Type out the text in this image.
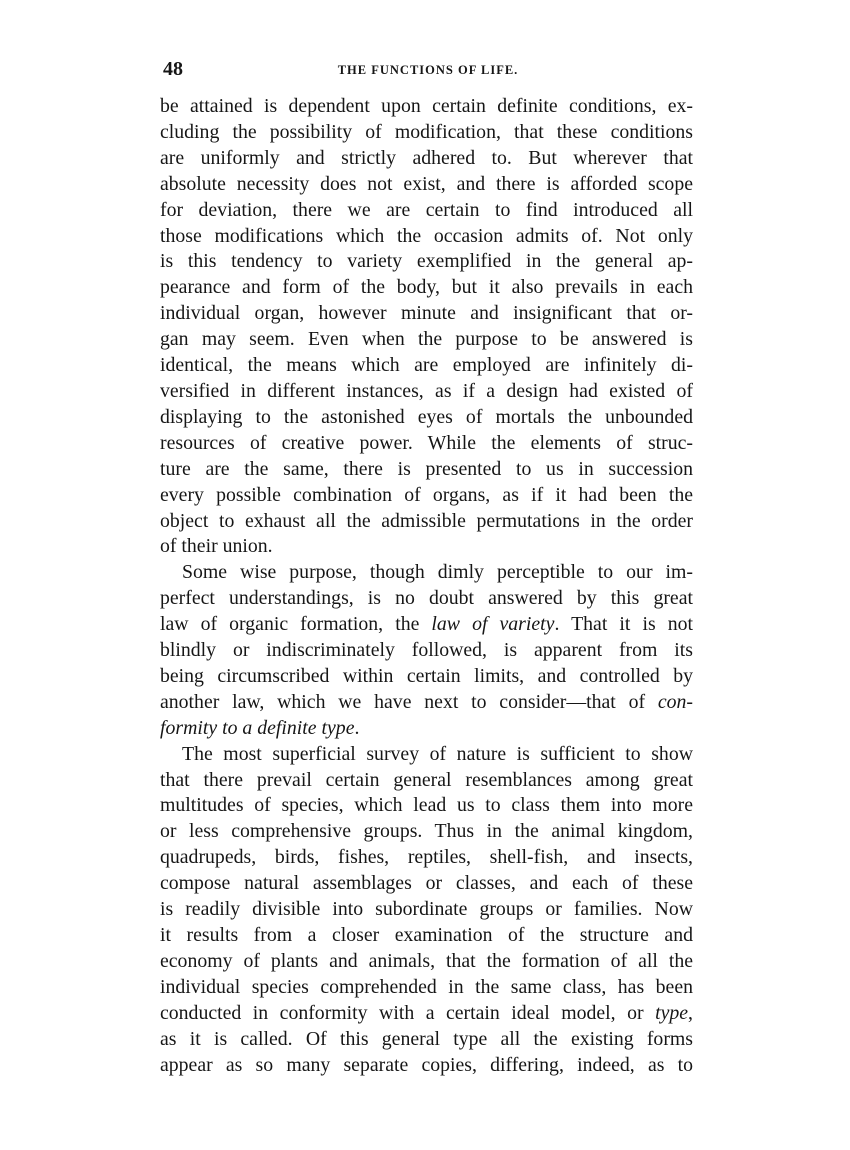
48	THE FUNCTIONS OF LIFE.
be attained is dependent upon certain definite conditions, ex-
cluding the possibility of modification, that these conditions
are uniformly and strictly adhered to. But wherever that
absolute necessity does not exist, and there is afforded scope
for deviation, there we are certain to find introduced all
those modifications which the occasion admits of. Not only
is this tendency to variety exemplified in the general ap-
pearance and form of the body, but it also prevails in each
individual organ, however minute and insignificant that or-
gan may seem. Even when the purpose to be answered is
identical, the means which are employed are infinitely di-
versified in different instances, as if a design had existed of
displaying to the astonished eyes of mortals the unbounded
resources of creative power. While the elements of struc-
ture are the same, there is presented to us in succession
every possible combination of organs, as if it had been the
object to exhaust all the admissible permutations in the order
of their union.
Some wise purpose, though dimly perceptible to our im-
perfect understandings, is no doubt answered by this great
law of organic formation, the law of variety. That it is not
blindly or indiscriminately followed, is apparent from its
being circumscribed within certain limits, and controlled by
another law, which we have next to consider—that of con-
formity to a definite type.
The most superficial survey of nature is sufficient to show
that there prevail certain general resemblances among great
multitudes of species, which lead us to class them into more
or less comprehensive groups. Thus in the animal kingdom,
quadrupeds, birds, fishes, reptiles, shell-fish, and insects,
compose natural assemblages or classes, and each of these
is readily divisible into subordinate groups or families. Now
it results from a closer examination of the structure and
economy of plants and animals, that the formation of all the
individual species comprehended in the same class, has been
conducted in conformity with a certain ideal model, or type,
as it is called. Of this general type all the existing forms
appear as so many separate copies, differing, indeed, as to
